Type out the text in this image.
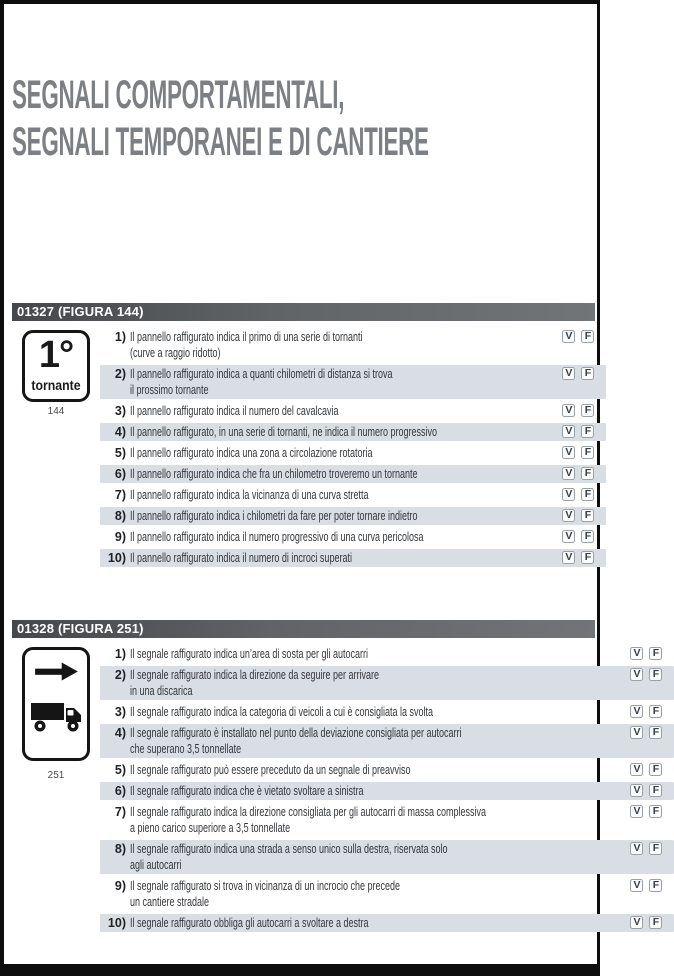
SEGNALI COMPORTAMENTALI,
SEGNALI TEMPORANEI E DI CANTIERE
01327 (FIGURA 144)
1°
tornante
144
1) Il pannello raffigurato indica il primo di una serie di tornanti
(curve a raggio ridotto)
V	F
2) Il pannello raffigurato indica a quanti chilometri di distanza si trova
il prossimo tornante
V	F
3) Il pannello raffigurato indica il numero del cavalcavia	V	F
4) Il pannello raffigurato, in una serie di tornanti, ne indica il numero progressivo	V	F
5) Il pannello raffigurato indica una zona a circolazione rotatoria	V	F
6) Il pannello raffigurato indica che fra un chilometro troveremo un tornante	V	F
7) Il pannello raffigurato indica la vicinanza di una curva stretta	V	F
8) Il pannello raffigurato indica i chilometri da fare per poter tornare indietro	V	F
9) Il pannello raffigurato indica il numero progressivo di una curva pericolosa	V	F
10) Il pannello raffigurato indica il numero di incroci superati	V	F
01328 (FIGURA 251)
251
1) Il segnale raffigurato indica un’area di sosta per gli autocarri	V	F
2) Il segnale raffigurato indica la direzione da seguire per arrivare
in una discarica
V	F
3) Il segnale raffigurato indica la categoria di veicoli a cui è consigliata la svolta	V	F
4) Il segnale raffigurato è installato nel punto della deviazione consigliata per autocarri
che superano 3,5 tonnellate
V	F
5) Il segnale raffigurato può essere preceduto da un segnale di preavviso	V	F
6) Il segnale raffigurato indica che è vietato svoltare a sinistra	V	F
7) Il segnale raffigurato indica la direzione consigliata per gli autocarri di massa complessiva
a pieno carico superiore a 3,5 tonnellate
V	F
8) Il segnale raffigurato indica una strada a senso unico sulla destra, riservata solo
agli autocarri
V	F
9) Il segnale raffigurato si trova in vicinanza di un incrocio che precede
un cantiere stradale
V	F
10) Il segnale raffigurato obbliga gli autocarri a svoltare a destra	V	F
